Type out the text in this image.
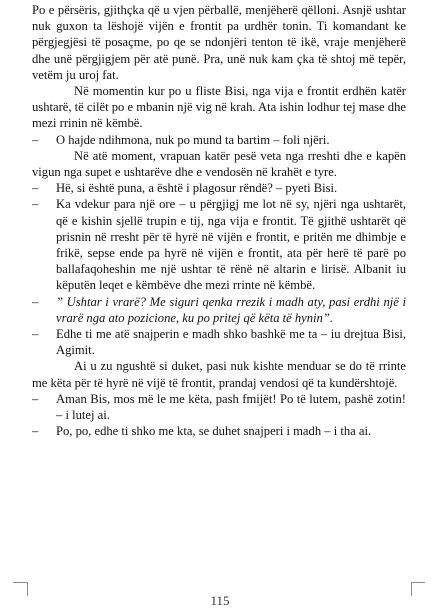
Po e përsëris, gjithçka që u vjen përballë, menjëherë qëlloni. Asnjë ushtar nuk guxon ta lëshojë vijën e frontit pa urdhër tonin. Ti komandant ke përgjegjësi të posaçme, po qe se ndonjëri tenton të ikë, vraje menjëherë dhe unë përgjigjem për atë punë. Pra, unë nuk kam çka të shtoj më tepër, vetëm ju uroj fat.

Në momentin kur po u fliste Bisi, nga vija e frontit erdhën katër ushtarë, të cilët po e mbanin një vig në krah. Ata ishin lodhur tej mase dhe mezi rrinin në këmbë.

– O hajde ndihmona, nuk po mund ta bartim – foli njëri.

Në atë moment, vrapuan katër pesë veta nga rreshti dhe e kapën vigun nga supet e ushtarëve dhe e vendosën në krahët e tyre.

– Hë, si është puna, a është i plagosur rëndë? – pyeti Bisi.

– Ka vdekur para një ore – u përgjigj me lot në sy, njëri nga ushtarët, që e kishin sjellë trupin e tij, nga vija e frontit. Të gjithë ushtarët që prisnin në rresht për të hyrë në vijën e frontit, e pritën me dhimbje e frikë, sepse ende pa hyrë në vijën e frontit, ata për herë të parë po ballafaqoheshin me një ushtar të rënë në altarin e lirisë. Albanit iu këputën leqet e këmbëve dhe mezi rrinte në këmbë.

– ” Ushtar i vrarë? Me siguri qenka rrezik i madh aty, pasi erdhi një i vrarë nga ato pozicione, ku po pritej që këta të hynin”.

– Edhe ti me atë snajperin e madh shko bashkë me ta – iu drejtua Bisi, Agimit.

Ai u zu ngushtë si duket, pasi nuk kishte menduar se do të rrinte me këta për të hyrë në vijë të frontit, prandaj vendosi që ta kundërshtojë.

– Aman Bis, mos më le me këta, pash fmijët! Po të lutem, pashë zotin! – i lutej ai.

– Po, po, edhe ti shko me kta, se duhet snajperi i madh – i tha ai.

115
